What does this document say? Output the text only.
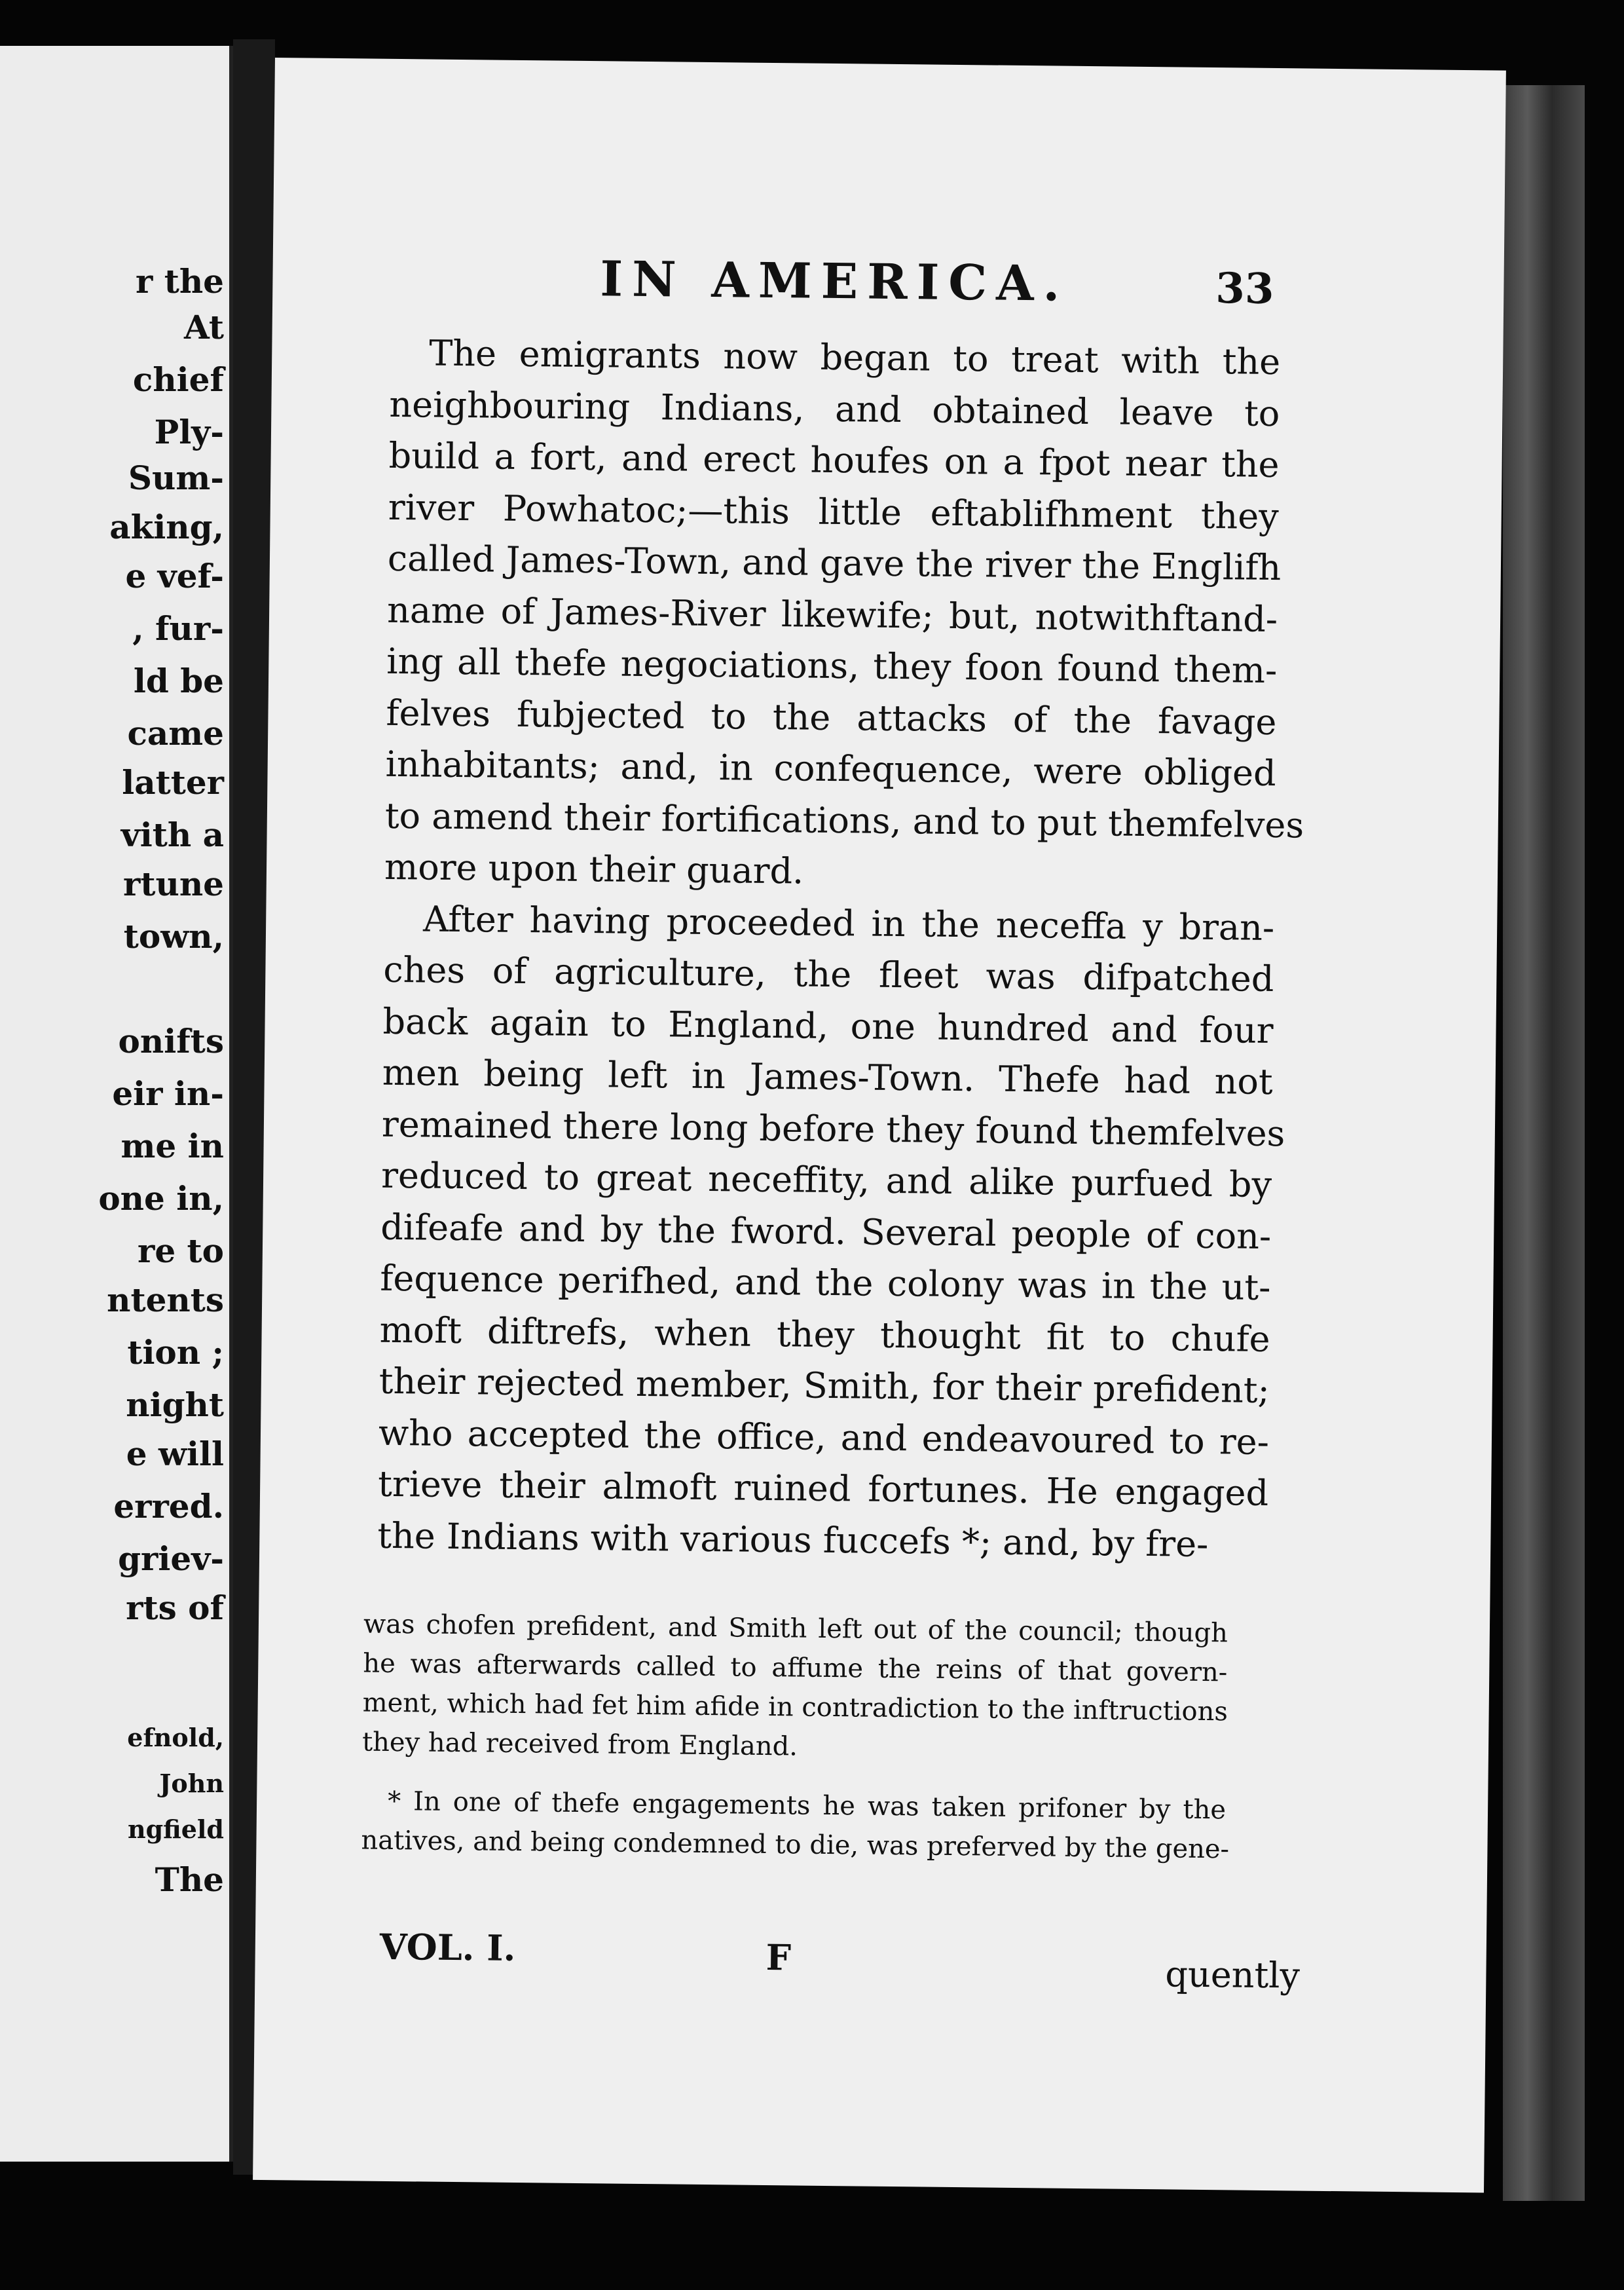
r the
At
chief
Ply-
Sum-
aking,
e vef-
, fur-
ld be
came
latter
vith a
rtune
town,
onifts
eir in-
me in
one in,
re to
ntents
tion ;
night
e will
erred.
griev-
rts of
efnold,
John
ngfield
The
IN AMERICA.	33
The emigrants now began to treat with the
neighbouring Indians, and obtained leave to
build a fort, and erect houfes on a fpot near the
river Powhatoc;—this little eftablifhment they
called James-Town, and gave the river the Englifh
name of James-River likewife; but, notwithftand-
ing all thefe negociations, they foon found them-
felves fubjected to the attacks of the favage
inhabitants; and, in confequence, were obliged
to amend their fortifications, and to put themfelves
more upon their guard.
After having proceeded in the neceffa y bran-
ches of agriculture, the fleet was difpatched
back again to England, one hundred and four
men being left in James-Town. Thefe had not
remained there long before they found themfelves
reduced to great neceffity, and alike purfued by
difeafe and by the fword. Several people of con-
fequence perifhed, and the colony was in the ut-
moft diftrefs, when they thought fit to chufe
their rejected member, Smith, for their prefident;
who accepted the office, and endeavoured to re-
trieve their almoft ruined fortunes. He engaged
the Indians with various fuccefs *; and, by fre-
was chofen prefident, and Smith left out of the council; though
he was afterwards called to affume the reins of that govern-
ment, which had fet him afide in contradiction to the inftructions
they had received from England.
* In one of thefe engagements he was taken prifoner by the
natives, and being condemned to die, was preferved by the gene-
VOL. I.	F	quently
